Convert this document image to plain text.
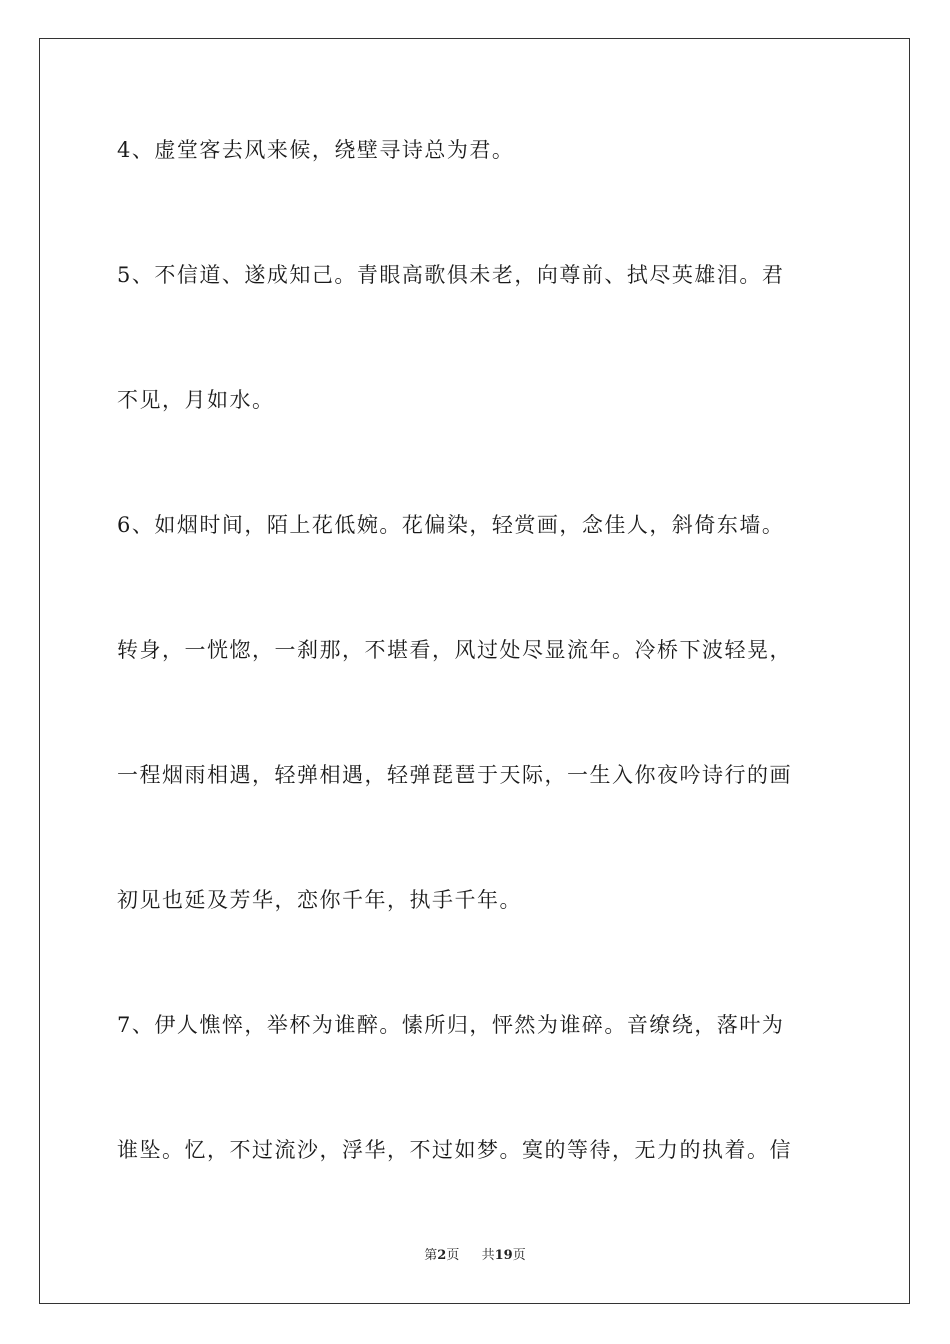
4、虚堂客去风来候，绕壁寻诗总为君。
5、不信道、遂成知己。青眼高歌俱未老，向尊前、拭尽英雄泪。君
不见，月如水。
6、如烟时间，陌上花低婉。花偏染，轻赏画，念佳人，斜倚东墙。
转身，一恍惚，一刹那，不堪看，风过处尽显流年。冷桥下波轻晃，
一程烟雨相遇，轻弹相遇，轻弹琵琶于天际，一生入你夜吟诗行的画
初见也延及芳华，恋你千年，执手千年。
7、伊人憔悴，举杯为谁醉。愫所归，怦然为谁碎。音缭绕，落叶为
谁坠。忆，不过流沙，浮华，不过如梦。寞的等待，无力的执着。信
第2页 共19页
